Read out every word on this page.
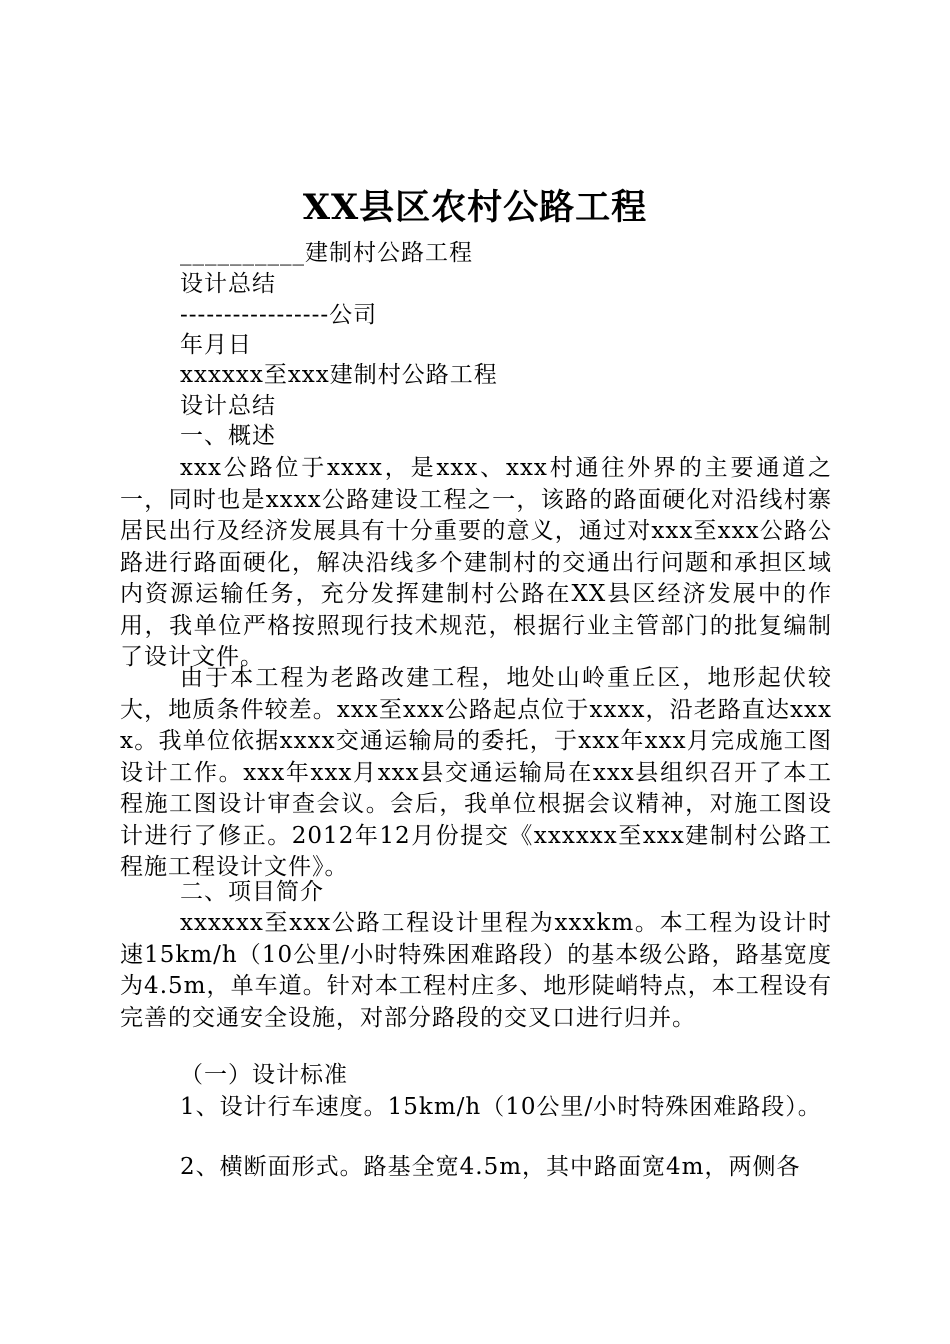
XX县区农村公路工程
__________建制村公路工程
设计总结
-----------------公司
年月日
xxxxxx至xxx建制村公路工程
设计总结
一、概述
xxx公路位于xxxx，是xxx、xxx村通往外界的主要通道之一，同时也是xxxx公路建设工程之一，该路的路面硬化对沿线村寨居民出行及经济发展具有十分重要的意义，通过对xxx至xxx公路公路进行路面硬化，解决沿线多个建制村的交通出行问题和承担区域内资源运输任务，充分发挥建制村公路在XX县区经济发展中的作用，我单位严格按照现行技术规范，根据行业主管部门的批复编制了设计文件。
由于本工程为老路改建工程，地处山岭重丘区，地形起伏较大，地质条件较差。xxx至xxx公路起点位于xxxx，沿老路直达xxxx。我单位依据xxxx交通运输局的委托，于xxx年xxx月完成施工图设计工作。xxx年xxx月xxx县交通运输局在xxx县组织召开了本工程施工图设计审查会议。会后，我单位根据会议精神，对施工图设计进行了修正。2012年12月份提交《xxxxxx至xxx建制村公路工程施工程设计文件》。
二、项目简介
xxxxxx至xxx公路工程设计里程为xxxkm。本工程为设计时速15km/h（10公里/小时特殊困难路段）的基本级公路，路基宽度为4.5m，单车道。针对本工程村庄多、地形陡峭特点，本工程设有完善的交通安全设施，对部分路段的交叉口进行归并。
（一）设计标准
1、设计行车速度。15km/h（10公里/小时特殊困难路段）。
2、横断面形式。路基全宽4.5m，其中路面宽4m，两侧各
